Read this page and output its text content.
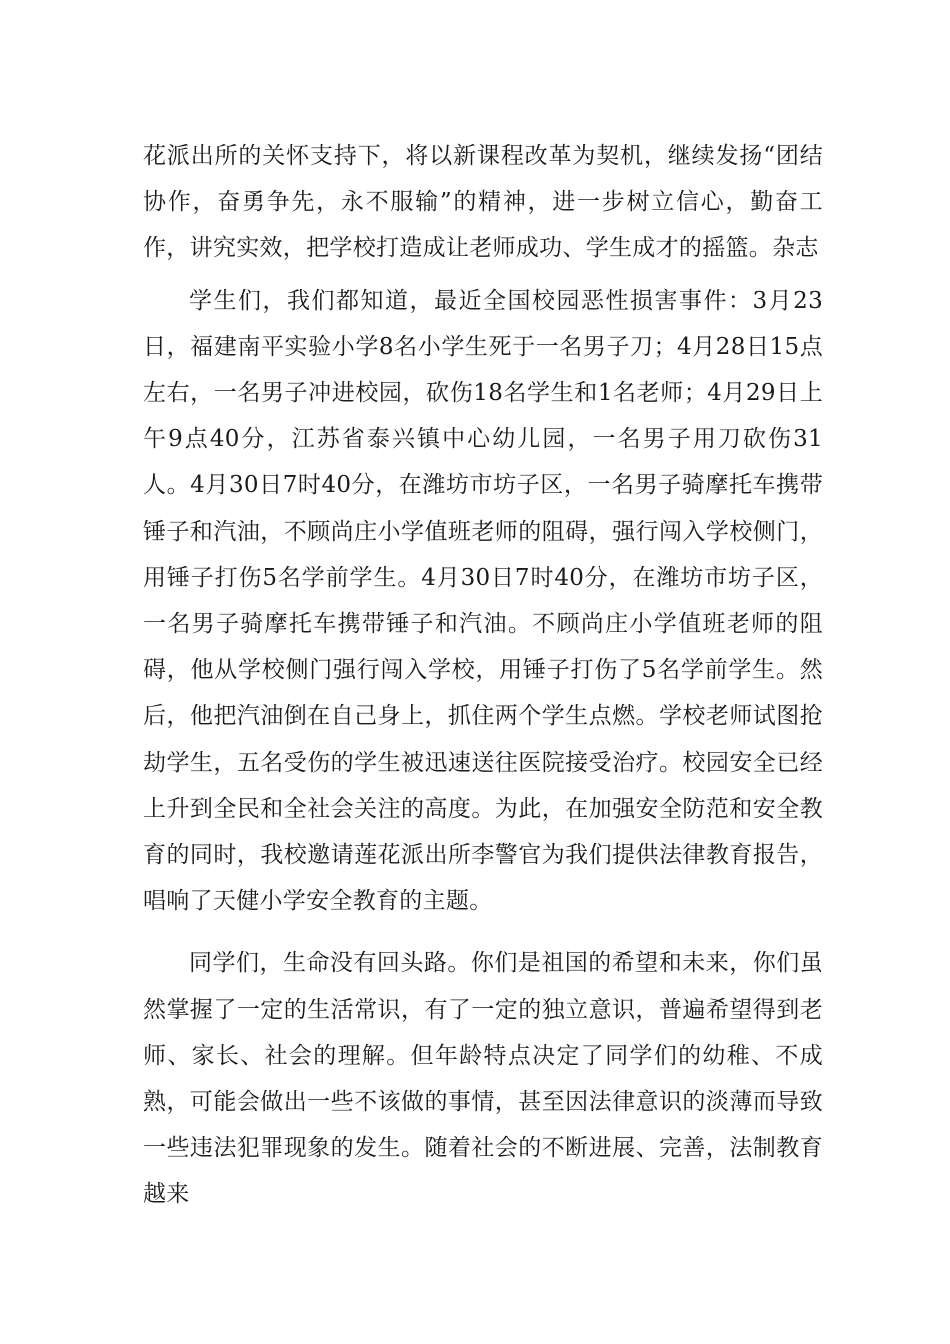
花派出所的关怀支持下，将以新课程改革为契机，继续发扬“团结协作，奋勇争先，永不服输”的精神，进一步树立信心，勤奋工作，讲究实效，把学校打造成让老师成功、学生成才的摇篮。杂志

学生们，我们都知道，最近全国校园恶性损害事件：3月23日，福建南平实验小学8名小学生死于一名男子刀；4月28日15点左右，一名男子冲进校园，砍伤18名学生和1名老师；4月29日上午9点40分，江苏省泰兴镇中心幼儿园，一名男子用刀砍伤31人。4月30日7时40分，在潍坊市坊子区，一名男子骑摩托车携带锤子和汽油，不顾尚庄小学值班老师的阻碍，强行闯入学校侧门，用锤子打伤5名学前学生。4月30日7时40分，在潍坊市坊子区，一名男子骑摩托车携带锤子和汽油。不顾尚庄小学值班老师的阻碍，他从学校侧门强行闯入学校，用锤子打伤了5名学前学生。然后，他把汽油倒在自己身上，抓住两个学生点燃。学校老师试图抢劫学生，五名受伤的学生被迅速送往医院接受治疗。校园安全已经上升到全民和全社会关注的高度。为此，在加强安全防范和安全教育的同时，我校邀请莲花派出所李警官为我们提供法律教育报告，唱响了天健小学安全教育的主题。

同学们，生命没有回头路。你们是祖国的希望和未来，你们虽然掌握了一定的生活常识，有了一定的独立意识，普遍希望得到老师、家长、社会的理解。但年龄特点决定了同学们的幼稚、不成熟，可能会做出一些不该做的事情，甚至因法律意识的淡薄而导致一些违法犯罪现象的发生。随着社会的不断进展、完善，法制教育越来
